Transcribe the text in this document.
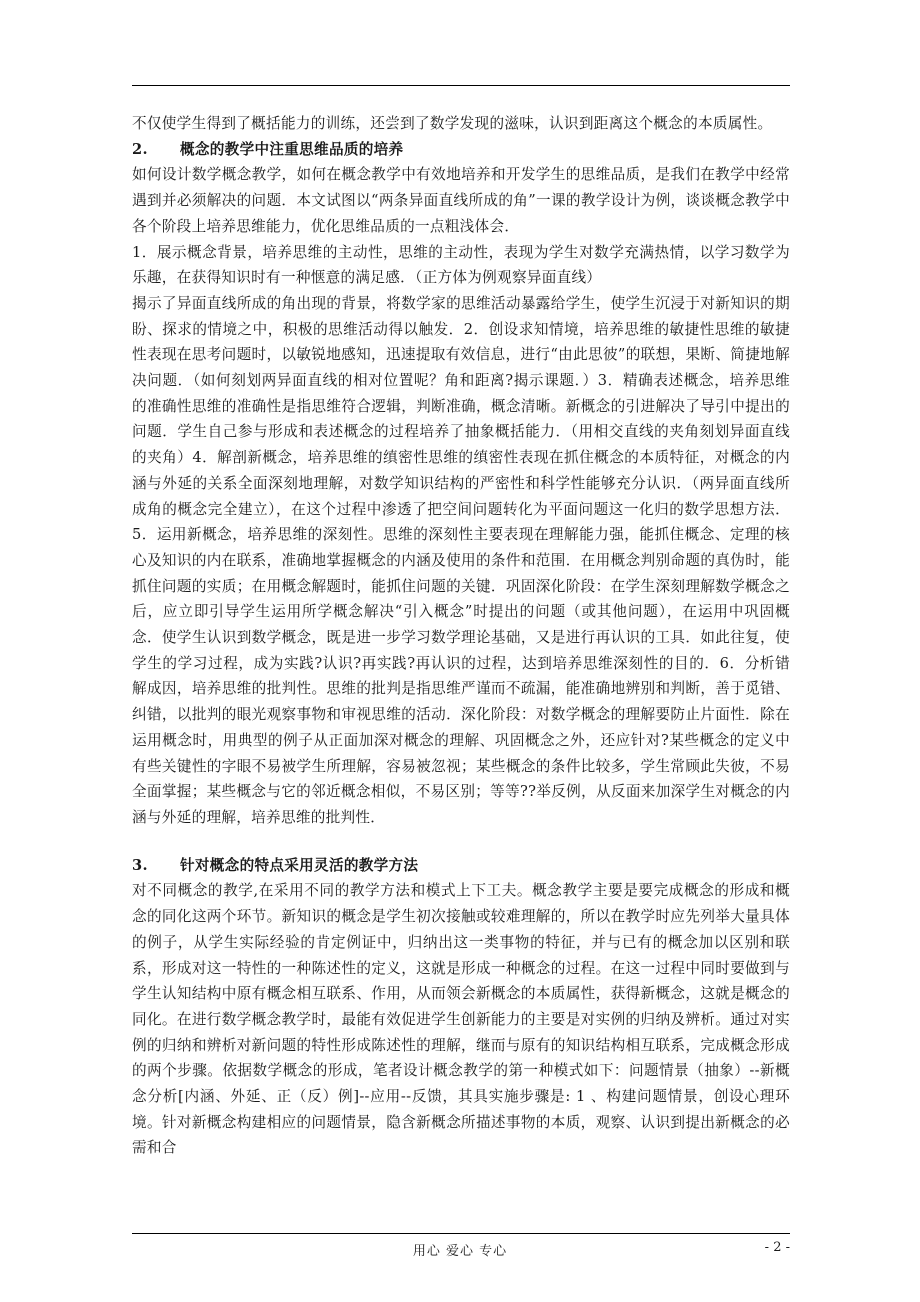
不仅使学生得到了概括能力的训练，还尝到了数学发现的滋味，认识到距离这个概念的本质属性。

2. 概念的教学中注重思维品质的培养

如何设计数学概念教学，如何在概念教学中有效地培养和开发学生的思维品质，是我们在教学中经常遇到并必须解决的问题．本文试图以“两条异面直线所成的角”一课的教学设计为例，谈谈概念教学中各个阶段上培养思维能力，优化思维品质的一点粗浅体会．

1．展示概念背景，培养思维的主动性，思维的主动性，表现为学生对数学充满热情，以学习数学为乐趣，在获得知识时有一种惬意的满足感．（正方体为例观察异面直线）

揭示了异面直线所成的角出现的背景，将数学家的思维活动暴露给学生，使学生沉浸于对新知识的期盼、探求的情境之中，积极的思维活动得以触发．2．创设求知情境，培养思维的敏捷性思维的敏捷性表现在思考问题时，以敏锐地感知，迅速提取有效信息，进行“由此思彼”的联想，果断、简捷地解决问题．（如何刻划两异面直线的相对位置呢？角和距离?揭示课题．）3．精确表述概念，培养思维的准确性思维的准确性是指思维符合逻辑，判断准确，概念清晰。新概念的引进解决了导引中提出的问题．学生自己参与形成和表述概念的过程培养了抽象概括能力．（用相交直线的夹角刻划异面直线的夹角）4．解剖新概念，培养思维的缜密性思维的缜密性表现在抓住概念的本质特征，对概念的内涵与外延的关系全面深刻地理解，对数学知识结构的严密性和科学性能够充分认识．（两异面直线所成角的概念完全建立），在这个过程中渗透了把空间问题转化为平面问题这一化归的数学思想方法．5．运用新概念，培养思维的深刻性。思维的深刻性主要表现在理解能力强，能抓住概念、定理的核心及知识的内在联系，准确地掌握概念的内涵及使用的条件和范围．在用概念判别命题的真伪时，能抓住问题的实质；在用概念解题时，能抓住问题的关键．巩固深化阶段：在学生深刻理解数学概念之后，应立即引导学生运用所学概念解决“引入概念”时提出的问题（或其他问题），在运用中巩固概念．使学生认识到数学概念，既是进一步学习数学理论基础，又是进行再认识的工具．如此往复，使学生的学习过程，成为实践?认识?再实践?再认识的过程，达到培养思维深刻性的目的．6．分析错解成因，培养思维的批判性。思维的批判是指思维严谨而不疏漏，能准确地辨别和判断，善于觅错、纠错，以批判的眼光观察事物和审视思维的活动．深化阶段：对数学概念的理解要防止片面性．除在运用概念时，用典型的例子从正面加深对概念的理解、巩固概念之外，还应针对?某些概念的定义中有些关键性的字眼不易被学生所理解，容易被忽视；某些概念的条件比较多，学生常顾此失彼，不易全面掌握；某些概念与它的邻近概念相似，不易区别；等等??举反例，从反面来加深学生对概念的内涵与外延的理解，培养思维的批判性．

3. 针对概念的特点采用灵活的教学方法

对不同概念的教学,在采用不同的教学方法和模式上下工夫。概念教学主要是要完成概念的形成和概念的同化这两个环节。新知识的概念是学生初次接触或较难理解的，所以在教学时应先列举大量具体的例子，从学生实际经验的肯定例证中，归纳出这一类事物的特征，并与已有的概念加以区别和联系，形成对这一特性的一种陈述性的定义，这就是形成一种概念的过程。在这一过程中同时要做到与学生认知结构中原有概念相互联系、作用，从而领会新概念的本质属性，获得新概念，这就是概念的同化。在进行数学概念教学时，最能有效促进学生创新能力的主要是对实例的归纳及辨析。通过对实例的归纳和辨析对新问题的特性形成陈述性的理解，继而与原有的知识结构相互联系，完成概念形成的两个步骤。依据数学概念的形成，笔者设计概念教学的第一种模式如下：问题情景（抽象）--新概念分析[内涵、外延、正（反）例]--应用--反馈，其具实施步骤是: 1 、构建问题情景，创设心理环境。针对新概念构建相应的问题情景，隐含新概念所描述事物的本质，观察、认识到提出新概念的必需和合

用心 爱心 专心	- 2 -
